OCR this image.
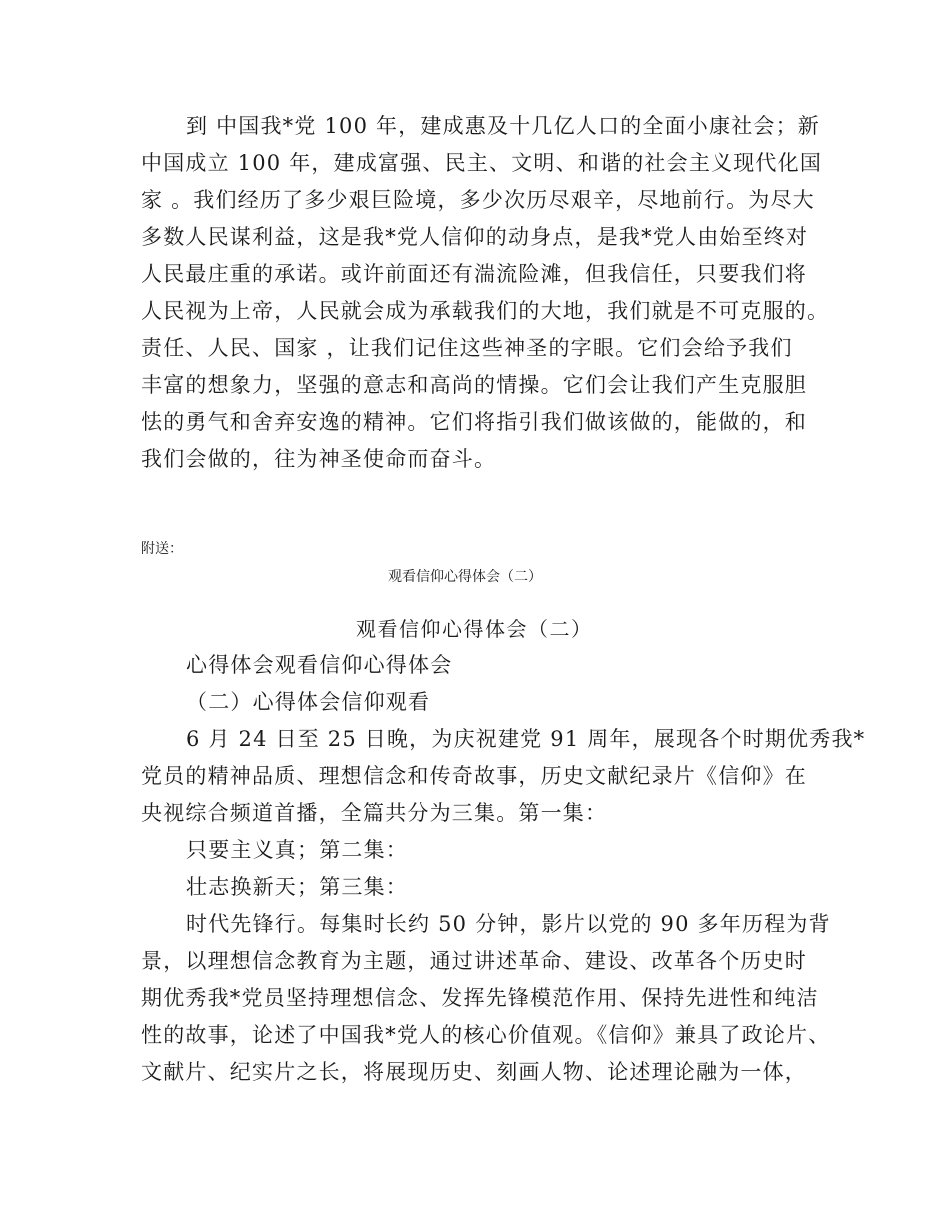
到 中国我*党 100 年，建成惠及十几亿人口的全面小康社会；新
中国成立 100 年，建成富强、民主、文明、和谐的社会主义现代化国
家 。我们经历了多少艰巨险境，多少次历尽艰辛，尽地前行。为尽大
多数人民谋利益，这是我*党人信仰的动身点，是我*党人由始至终对
人民最庄重的承诺。或许前面还有湍流险滩，但我信任，只要我们将
人民视为上帝，人民就会成为承载我们的大地，我们就是不可克服的。
责任、人民、国家 ，让我们记住这些神圣的字眼。它们会给予我们
丰富的想象力，坚强的意志和高尚的情操。它们会让我们产生克服胆
怯的勇气和舍弃安逸的精神。它们将指引我们做该做的，能做的，和
我们会做的，往为神圣使命而奋斗。
附送：
观看信仰心得体会（二）
观看信仰心得体会（二）
心得体会观看信仰心得体会
（二）心得体会信仰观看
6 月 24 日至 25 日晚，为庆祝建党 91 周年，展现各个时期优秀我*
党员的精神品质、理想信念和传奇故事，历史文献纪录片《信仰》在
央视综合频道首播，全篇共分为三集。第一集：
只要主义真；第二集：
壮志换新天；第三集：
时代先锋行。每集时长约 50 分钟，影片以党的 90 多年历程为背
景，以理想信念教育为主题，通过讲述革命、建设、改革各个历史时
期优秀我*党员坚持理想信念、发挥先锋模范作用、保持先进性和纯洁
性的故事，论述了中国我*党人的核心价值观。《信仰》兼具了政论片、
文献片、纪实片之长，将展现历史、刻画人物、论述理论融为一体，
